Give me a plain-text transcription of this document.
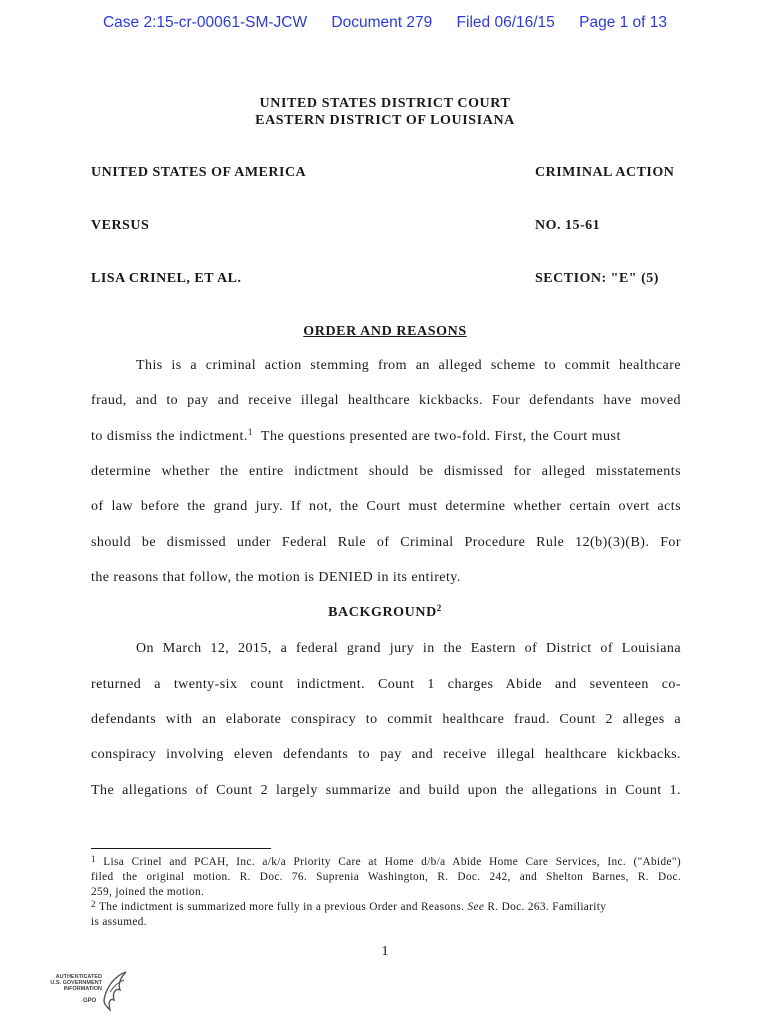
Case 2:15-cr-00061-SM-JCW Document 279 Filed 06/16/15 Page 1 of 13
UNITED STATES DISTRICT COURT
EASTERN DISTRICT OF LOUISIANA
UNITED STATES OF AMERICA	CRIMINAL ACTION
VERSUS	NO. 15-61
LISA CRINEL, ET AL.	SECTION: "E" (5)
ORDER AND REASONS
This is a criminal action stemming from an alleged scheme to commit healthcare
fraud, and to pay and receive illegal healthcare kickbacks. Four defendants have moved
to dismiss the indictment.$^1$ The questions presented are two-fold. First, the Court must
determine whether the entire indictment should be dismissed for alleged misstatements
of law before the grand jury. If not, the Court must determine whether certain overt acts
should be dismissed under Federal Rule of Criminal Procedure Rule 12(b)(3)(B). For
the reasons that follow, the motion is DENIED in its entirety.
BACKGROUND$^2$
On March 12, 2015, a federal grand jury in the Eastern of District of Louisiana
returned a twenty-six count indictment. Count 1 charges Abide and seventeen co-
defendants with an elaborate conspiracy to commit healthcare fraud. Count 2 alleges a
conspiracy involving eleven defendants to pay and receive illegal healthcare kickbacks.
The allegations of Count 2 largely summarize and build upon the allegations in Count 1.
$^1$ Lisa Crinel and PCAH, Inc. a/k/a Priority Care at Home d/b/a Abide Home Care Services, Inc. ("Abide")
filed the original motion. R. Doc. 76. Suprenia Washington, R. Doc. 242, and Shelton Barnes, R. Doc.
259, joined the motion.
$^2$ The indictment is summarized more fully in a previous Order and Reasons. See R. Doc. 263. Familiarity
is assumed.
1
AUTHENTICATED
U.S. GOVERNMENT
INFORMATION
GPO
